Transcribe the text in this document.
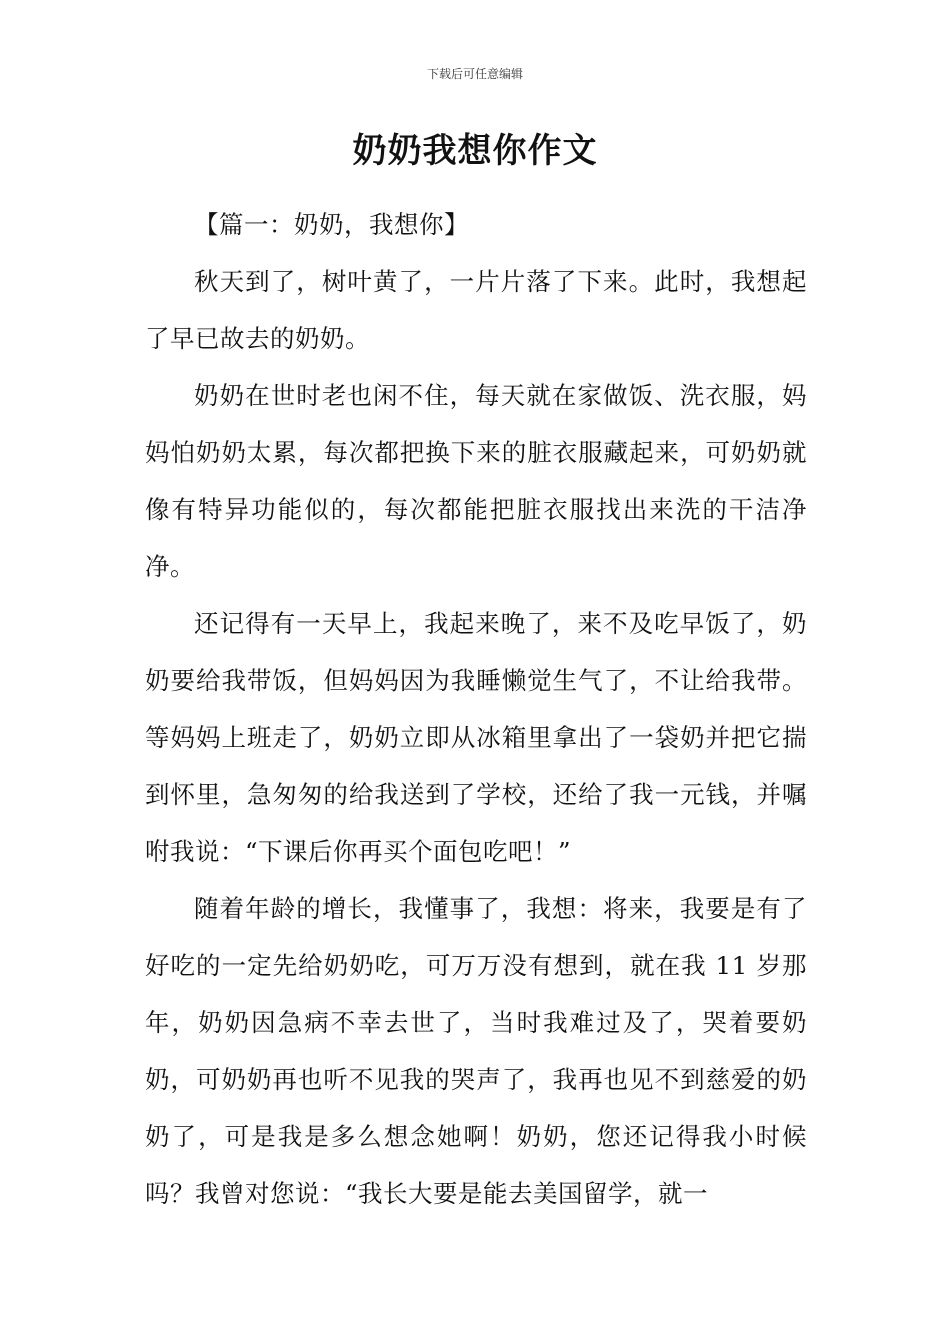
下载后可任意编辑
奶奶我想你作文

【篇一：奶奶，我想你】

秋天到了，树叶黄了，一片片落了下来。此时，我想起了早已故去的奶奶。

奶奶在世时老也闲不住，每天就在家做饭、洗衣服，妈妈怕奶奶太累，每次都把换下来的脏衣服藏起来，可奶奶就像有特异功能似的，每次都能把脏衣服找出来洗的干洁净净。

还记得有一天早上，我起来晚了，来不及吃早饭了，奶奶要给我带饭，但妈妈因为我睡懒觉生气了，不让给我带。等妈妈上班走了，奶奶立即从冰箱里拿出了一袋奶并把它揣到怀里，急匆匆的给我送到了学校，还给了我一元钱，并嘱咐我说：“下课后你再买个面包吃吧！”

随着年龄的增长，我懂事了，我想：将来，我要是有了好吃的一定先给奶奶吃，可万万没有想到，就在我 11 岁那年，奶奶因急病不幸去世了，当时我难过及了，哭着要奶奶，可奶奶再也听不见我的哭声了，我再也见不到慈爱的奶奶了，可是我是多么想念她啊！奶奶，您还记得我小时候吗？我曾对您说：“我长大要是能去美国留学，就一
